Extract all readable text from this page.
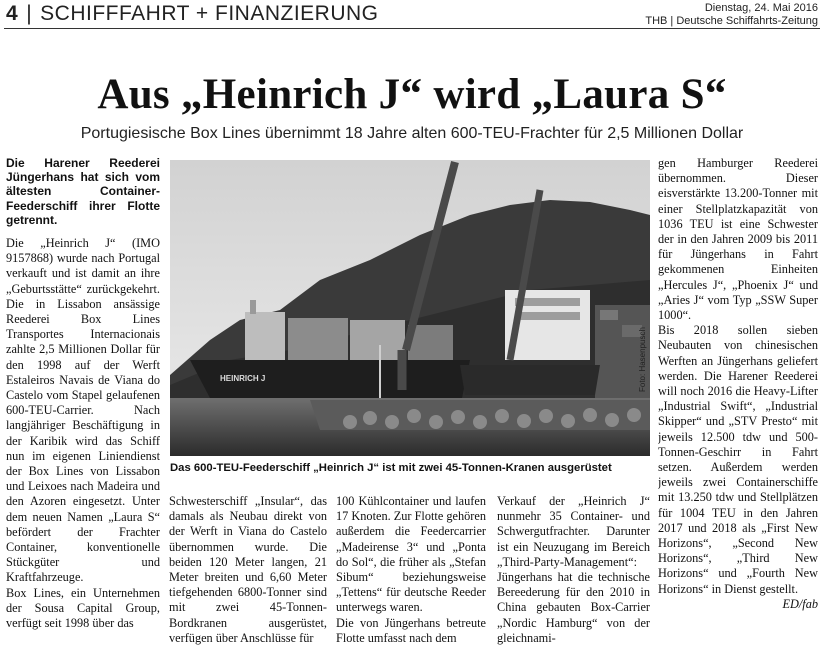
4 | SCHIFFFAHRT + FINANZIERUNG	Dienstag, 24. Mai 2016
THB | Deutsche Schiffahrts-Zeitung
Aus „Heinrich J“ wird „Laura S“
Portugiesische Box Lines übernimmt 18 Jahre alten 600-TEU-Frachter für 2,5 Millionen Dollar

Die Harener Reederei Jüngerhans hat sich vom ältesten Container-Feederschiff ihrer Flotte getrennt.

Die „Heinrich J“ (IMO 9157868) wurde nach Portugal verkauft und ist damit an ihre „Geburtsstätte“ zurückgekehrt. Die in Lissabon ansässige Reederei Box Lines Transportes Internacionais zahlte 2,5 Millionen Dollar für den 1998 auf der Werft Estaleiros Navais de Viana do Castelo vom Stapel gelaufenen 600-TEU-Carrier. Nach langjähriger Beschäftigung in der Karibik wird das Schiff nun im eigenen Liniendienst der Box Lines von Lissabon und Leixoes nach Madeira und den Azoren eingesetzt. Unter dem neuen Namen „Laura S“ befördert der Frachter Container, konventionelle Stückgüter und Kraftfahrzeuge.

Box Lines, ein Unternehmen der Sousa Capital Group, verfügt seit 1998 über das

HEINRICH J	Foto: Hasenpusch
Das 600-TEU-Feederschiff „Heinrich J“ ist mit zwei 45-Tonnen-Kranen ausgerüstet

Schwesterschiff „Insular“, das damals als Neubau direkt von der Werft in Viana do Castelo übernommen wurde. Die beiden 120 Meter langen, 21 Meter breiten und 6,60 Meter tiefgehenden 6800-Tonner sind mit zwei 45-Tonnen-Bordkranen ausgerüstet, verfügen über Anschlüsse für

100 Kühlcontainer und laufen 17 Knoten. Zur Flotte gehören außerdem die Feedercarrier „Madeirense 3“ und „Ponta do Sol“, die früher als „Stefan Sibum“ beziehungsweise „Tettens“ für deutsche Reeder unterwegs waren.

Die von Jüngerhans betreute Flotte umfasst nach dem

Verkauf der „Heinrich J“ nunmehr 35 Container- und Schwergutfrachter. Darunter ist ein Neuzugang im Bereich „Third-Party-Management“: Jüngerhans hat die technische Bereederung für den 2010 in China gebauten Box-Carrier „Nordic Hamburg“ von der gleichnami-

gen Hamburger Reederei übernommen. Dieser eisverstärkte 13.200-Tonner mit einer Stellplatzkapazität von 1036 TEU ist eine Schwester der in den Jahren 2009 bis 2011 für Jüngerhans in Fahrt gekommenen Einheiten „Hercules J“, „Phoenix J“ und „Aries J“ vom Typ „SSW Super 1000“.

Bis 2018 sollen sieben Neubauten von chinesischen Werften an Jüngerhans geliefert werden. Die Harener Reederei will noch 2016 die Heavy-Lifter „Industrial Swift“, „Industrial Skipper“ und „STV Presto“ mit jeweils 12.500 tdw und 500-Tonnen-Geschirr in Fahrt setzen. Außerdem werden jeweils zwei Containerschiffe mit 13.250 tdw und Stellplätzen für 1004 TEU in den Jahren 2017 und 2018 als „First New Horizons“, „Second New Horizons“, „Third New Horizons“ und „Fourth New Horizons“ in Dienst gestellt.
ED/fab
